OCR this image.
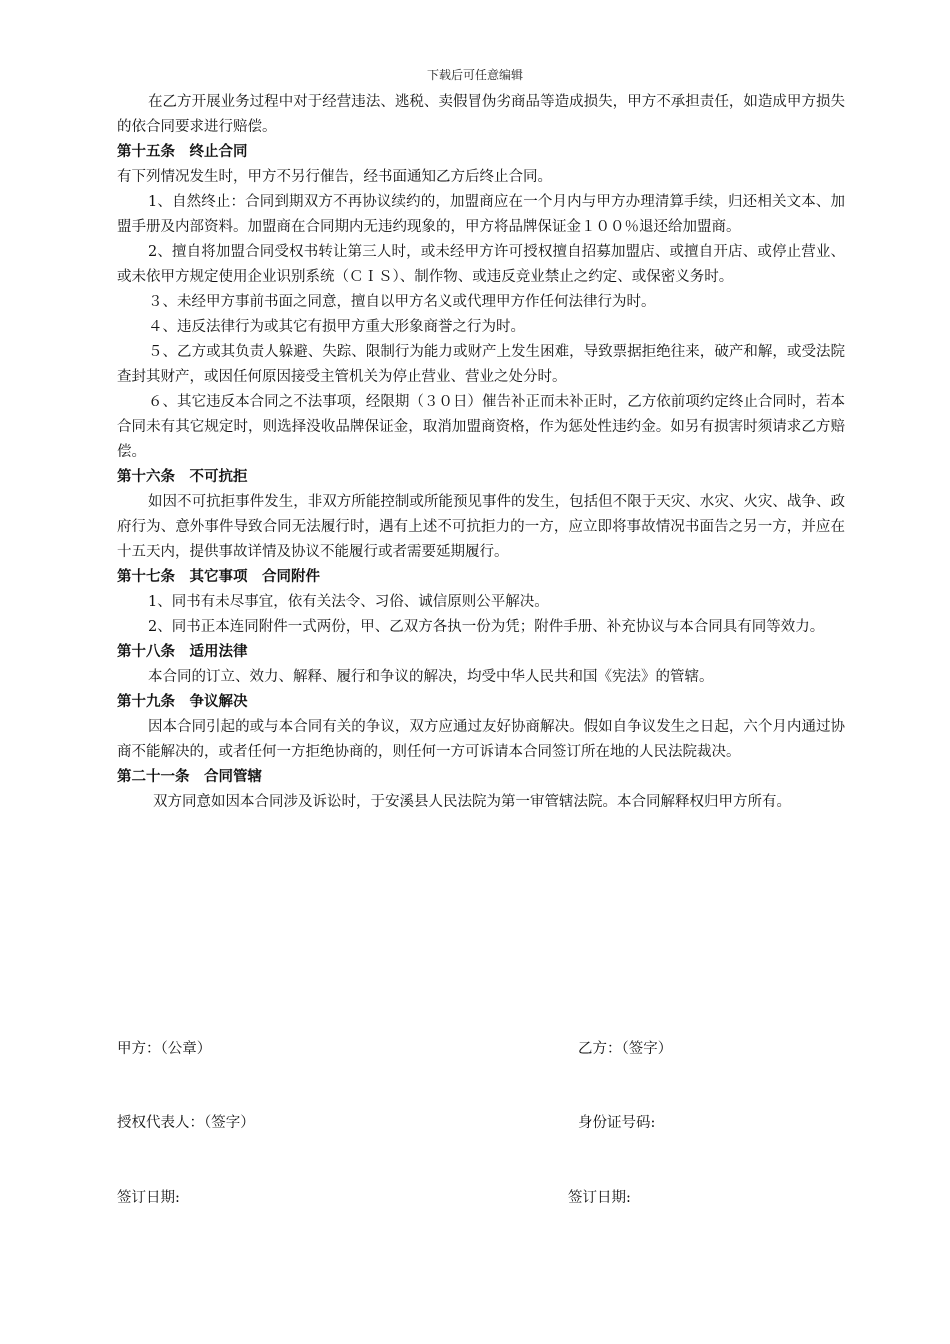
下载后可任意编辑

在乙方开展业务过程中对于经营违法、逃税、卖假冒伪劣商品等造成损失，甲方不承担责任，如造成甲方损失的依合同要求进行赔偿。

第十五条　终止合同

有下列情况发生时，甲方不另行催告，经书面通知乙方后终止合同。

1、自然终止：合同到期双方不再协议续约的，加盟商应在一个月内与甲方办理清算手续，归还相关文本、加盟手册及内部资料。加盟商在合同期内无违约现象的，甲方将品牌保证金１００％退还给加盟商。

2、擅自将加盟合同受权书转让第三人时，或未经甲方许可授权擅自招募加盟店、或擅自开店、或停止营业、或未依甲方规定使用企业识别系统（ＣＩＳ）、制作物、或违反竞业禁止之约定、或保密义务时。

３、未经甲方事前书面之同意，擅自以甲方名义或代理甲方作任何法律行为时。

４、违反法律行为或其它有损甲方重大形象商誉之行为时。

５、乙方或其负责人躲避、失踪、限制行为能力或财产上发生困难，导致票据拒绝往来，破产和解，或受法院查封其财产，或因任何原因接受主管机关为停止营业、营业之处分时。

６、其它违反本合同之不法事项，经限期（３０日）催告补正而未补正时，乙方依前项约定终止合同时，若本合同未有其它规定时，则选择没收品牌保证金，取消加盟商资格，作为惩处性违约金。如另有损害时须请求乙方赔偿。

第十六条　不可抗拒

如因不可抗拒事件发生，非双方所能控制或所能预见事件的发生，包括但不限于天灾、水灾、火灾、战争、政府行为、意外事件导致合同无法履行时，遇有上述不可抗拒力的一方，应立即将事故情况书面告之另一方，并应在十五天内，提供事故详情及协议不能履行或者需要延期履行。

第十七条　其它事项　合同附件

1、同书有未尽事宜，依有关法令、习俗、诚信原则公平解决。

2、同书正本连同附件一式两份，甲、乙双方各执一份为凭；附件手册、补充协议与本合同具有同等效力。

第十八条　适用法律

本合同的订立、效力、解释、履行和争议的解决，均受中华人民共和国《宪法》的管辖。

第十九条　争议解决

因本合同引起的或与本合同有关的争议，双方应通过友好协商解决。假如自争议发生之日起，六个月内通过协商不能解决的，或者任何一方拒绝协商的，则任何一方可诉请本合同签订所在地的人民法院裁决。

第二十一条　合同管辖

双方同意如因本合同涉及诉讼时，于安溪县人民法院为第一审管辖法院。本合同解释权归甲方所有。

甲方：（公章）	乙方：（签字）
授权代表人：（签字）	身份证号码:
签订日期:	签订日期:
